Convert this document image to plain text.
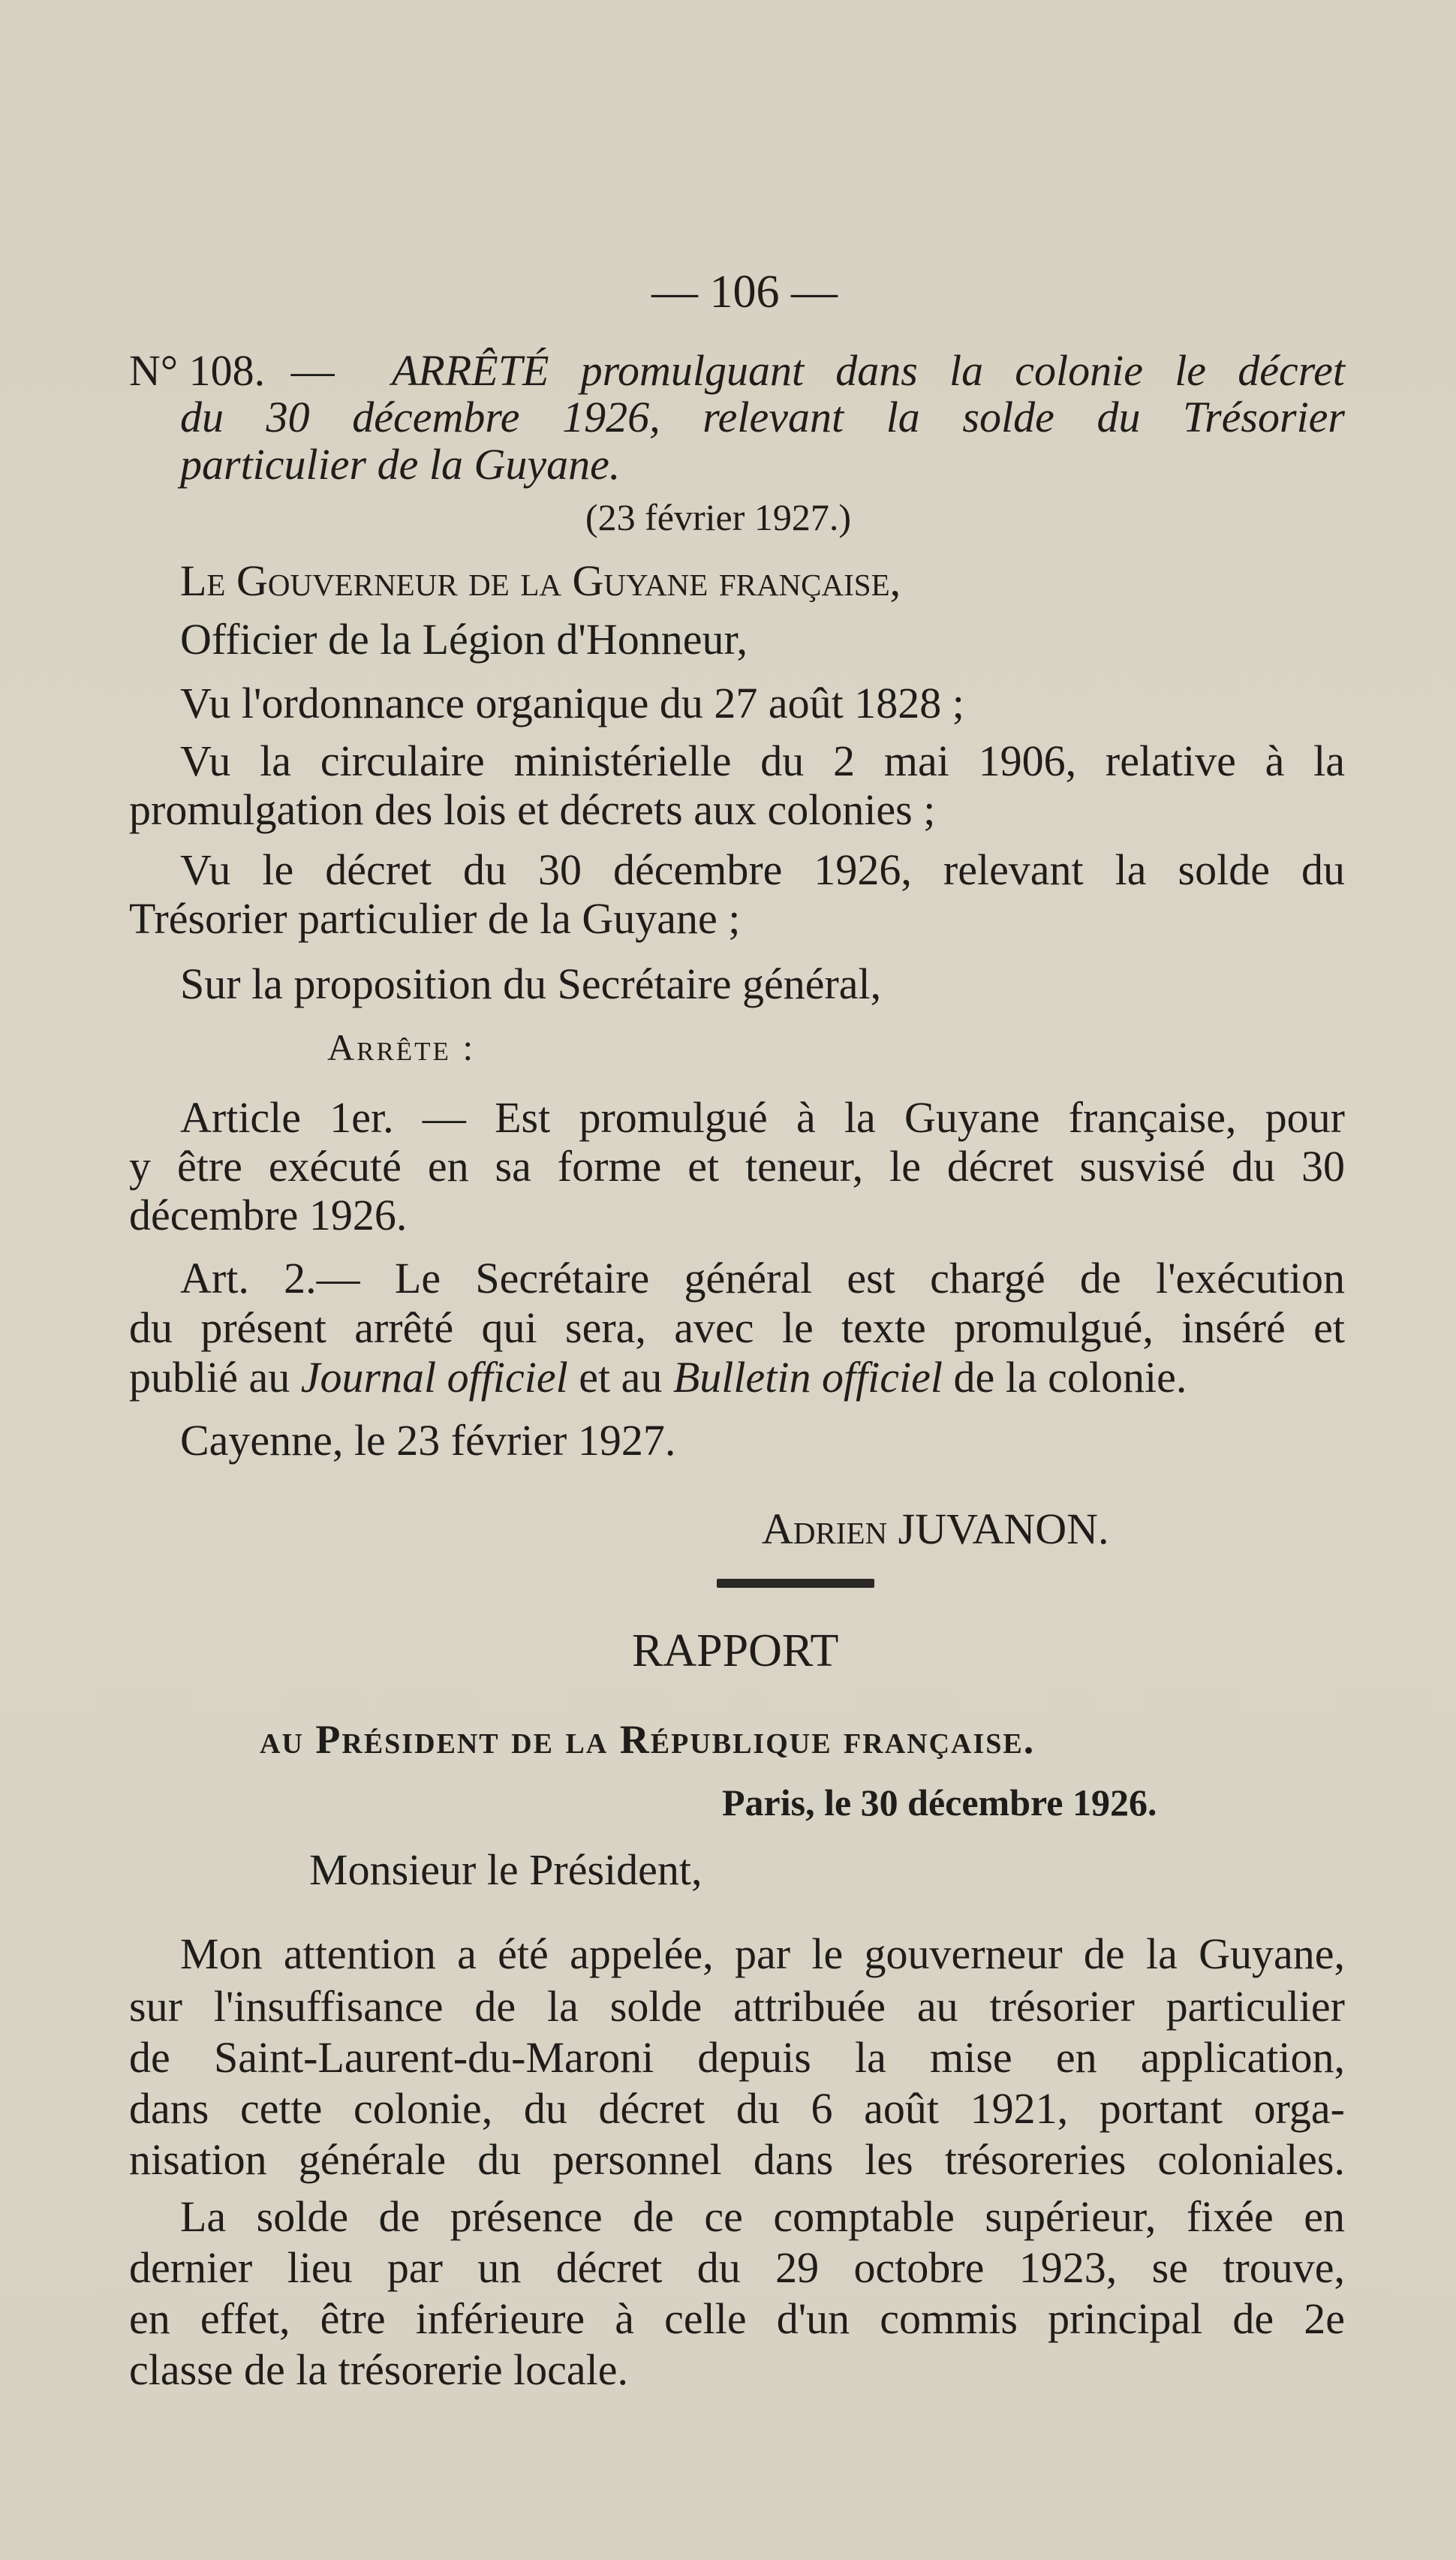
— 106 —
N° 108. — ARRÊTÉ promulguant dans la colonie le décret
du 30 décembre 1926, relevant la solde du Trésorier
particulier de la Guyane.
(23 février 1927.)
Le Gouverneur de la Guyane française,
Officier de la Légion d'Honneur,
Vu l'ordonnance organique du 27 août 1828 ;
Vu la circulaire ministérielle du 2 mai 1906, relative à la
promulgation des lois et décrets aux colonies ;
Vu le décret du 30 décembre 1926, relevant la solde du
Trésorier particulier de la Guyane ;
Sur la proposition du Secrétaire général,
Arrête :
Article 1er. — Est promulgué à la Guyane française, pour
y être exécuté en sa forme et teneur, le décret susvisé du 30
décembre 1926.
Art. 2.— Le Secrétaire général est chargé de l'exécution
du présent arrêté qui sera, avec le texte promulgué, inséré et
publié au Journal officiel et au Bulletin officiel de la colonie.
Cayenne, le 23 février 1927.
Adrien JUVANON.
RAPPORT
au Président de la République française.
Paris, le 30 décembre 1926.
Monsieur le Président,
Mon attention a été appelée, par le gouverneur de la Guyane,
sur l'insuffisance de la solde attribuée au trésorier particulier
de Saint-Laurent-du-Maroni depuis la mise en application,
dans cette colonie, du décret du 6 août 1921, portant orga-
nisation générale du personnel dans les trésoreries coloniales.
La solde de présence de ce comptable supérieur, fixée en
dernier lieu par un décret du 29 octobre 1923, se trouve,
en effet, être inférieure à celle d'un commis principal de 2e
classe de la trésorerie locale.
